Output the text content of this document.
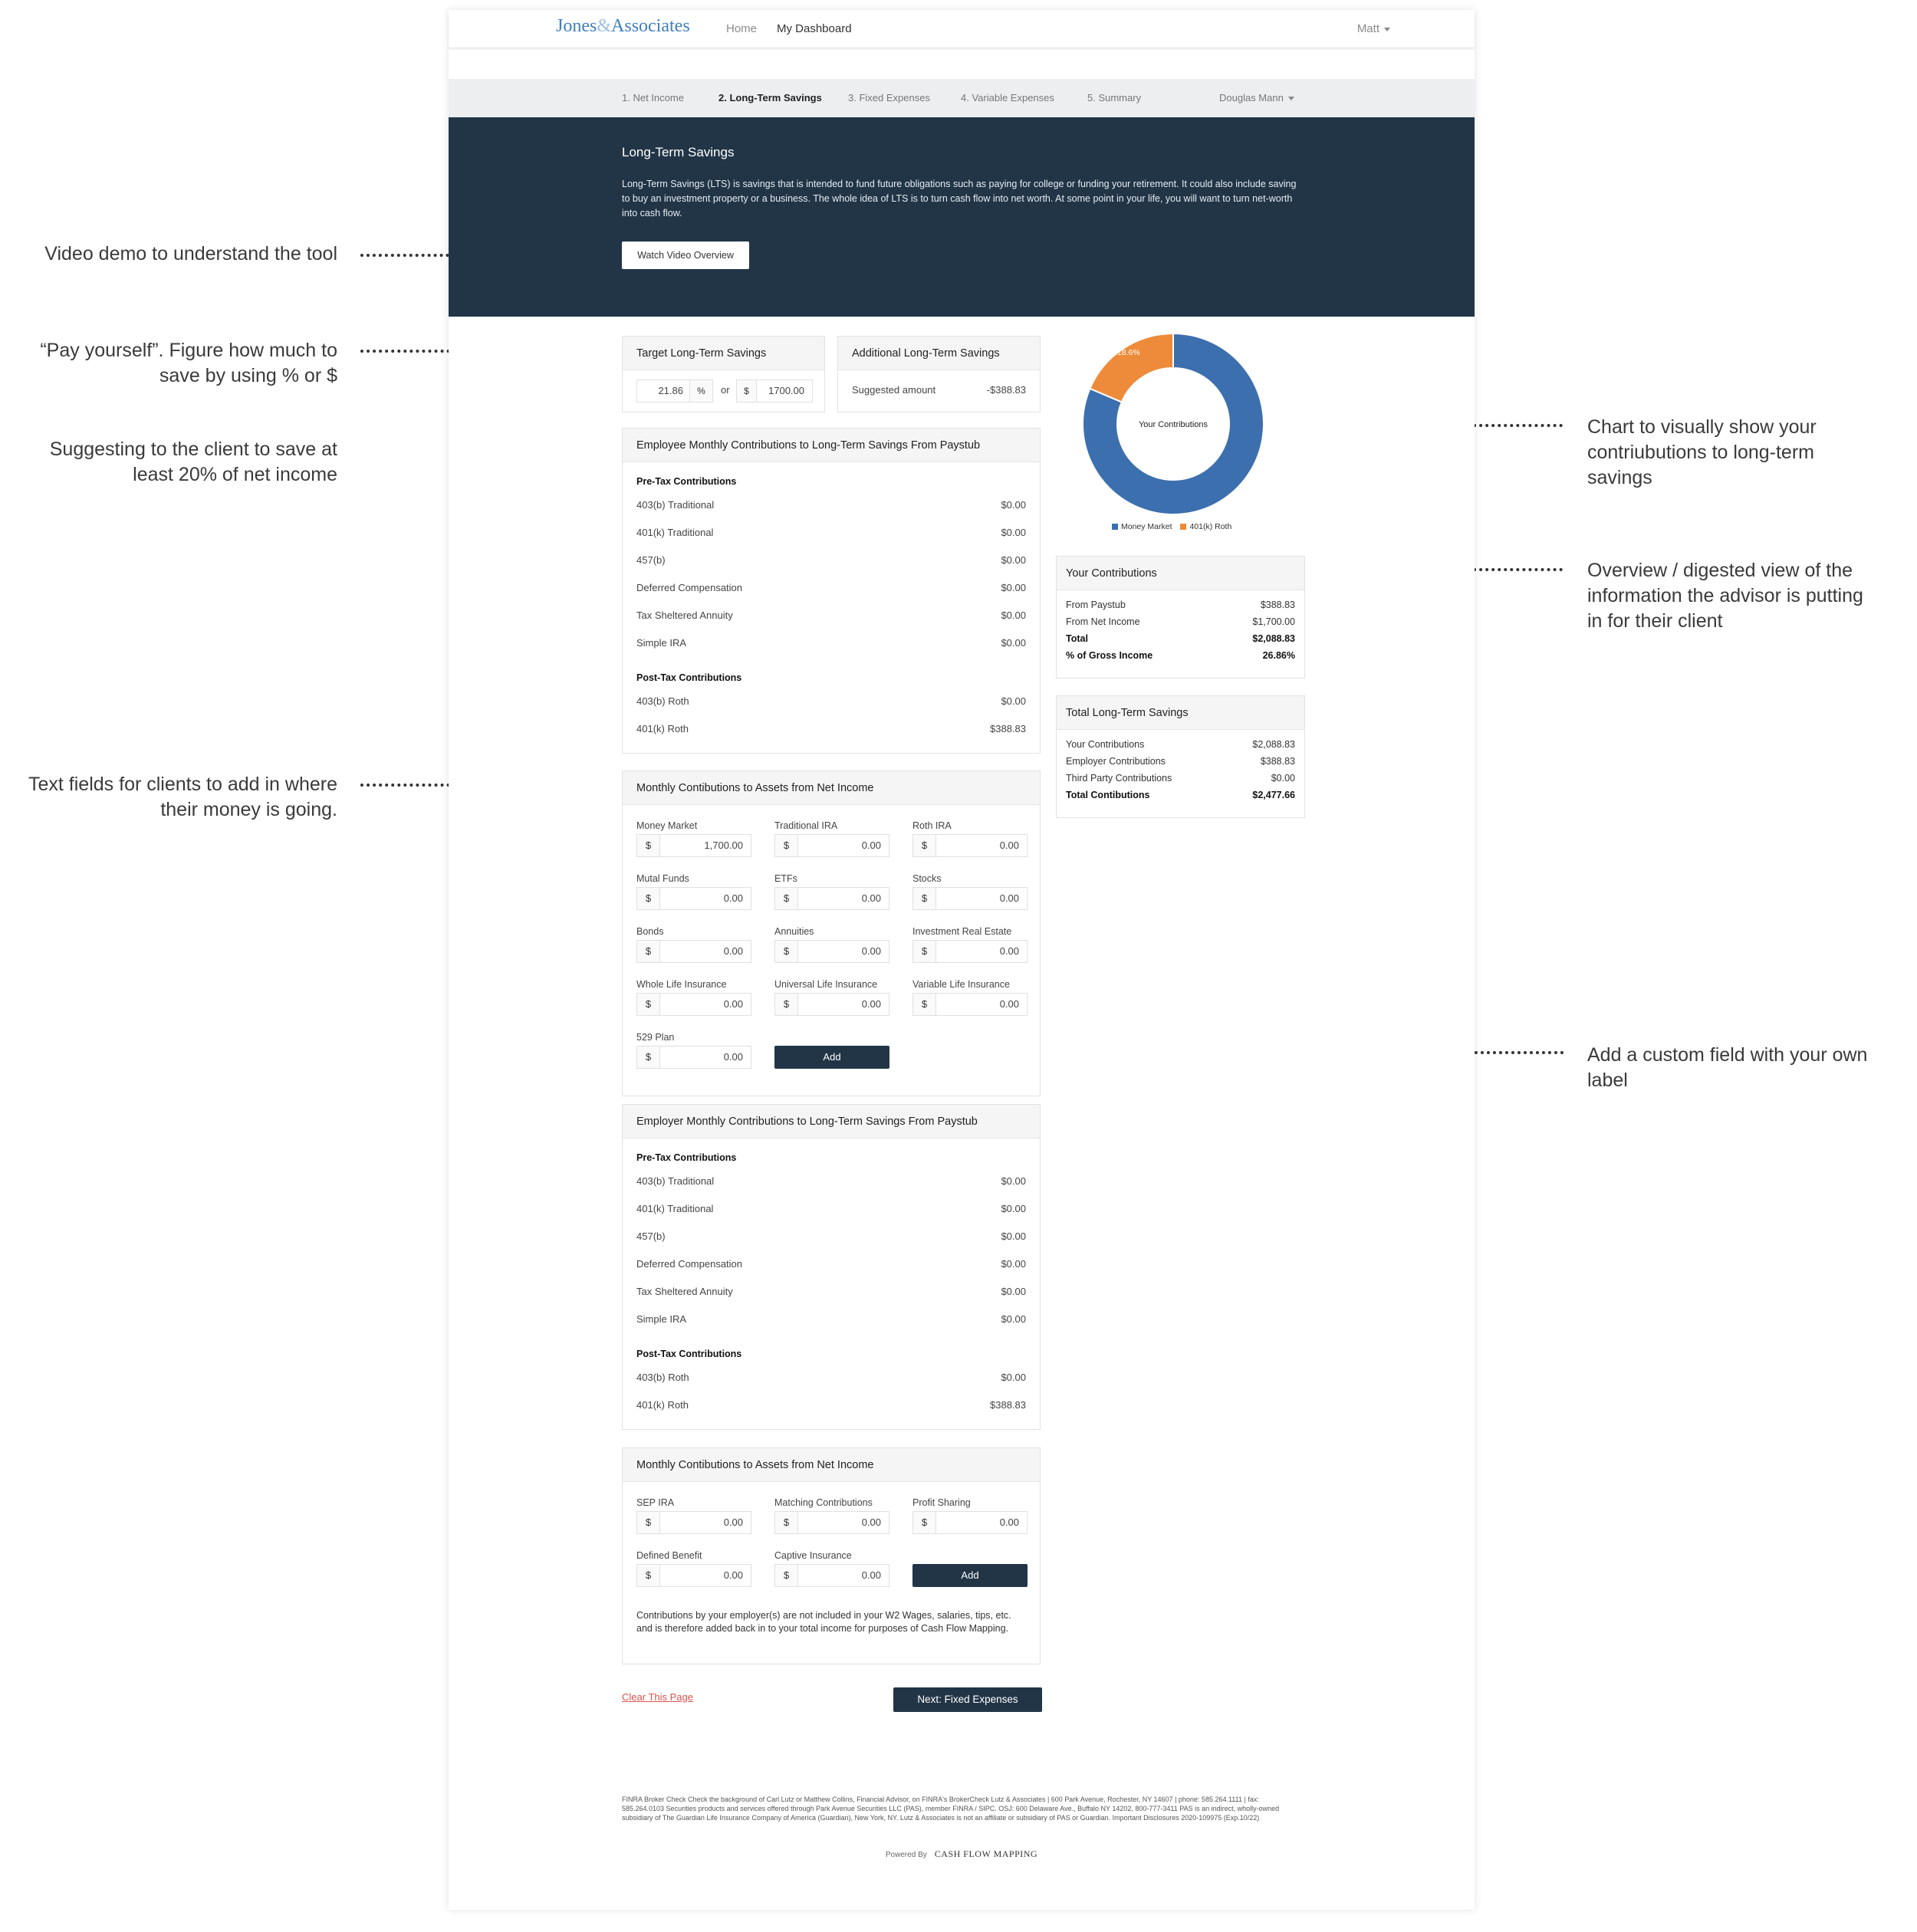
Video demo to understand the tool
“Pay yourself”. Figure how much to save by using % or $
Suggesting to the client to save at least 20% of net income
Text fields for clients to add in where their money is going.
Chart to visually show your contriubutions to long-term savings
Overview / digested view of the information the advisor is putting in for their client
Add a custom field with your own label
Jones&Associates	Home My Dashboard	Matt
1. Net Income	2. Long-Term Savings	3. Fixed Expenses	4. Variable Expenses	5. Summary	Douglas Mann
Long-Term Savings
Long-Term Savings (LTS) is savings that is intended to fund future obligations such as paying for college or funding your retirement. It could also include saving to buy an investment property or a business. The whole idea of LTS is to turn cash flow into net worth. At some point in your life, you will want to turn net-worth into cash flow.
Watch Video Overview
Target Long-Term Savings
21.86	%	or	$	1700.00
Additional Long-Term Savings
Suggested amount	-$388.83
Employee Monthly Contributions to Long-Term Savings From Paystub
Pre-Tax Contributions
403(b) Traditional	$0.00
401(k) Traditional	$0.00
457(b)	$0.00
Deferred Compensation	$0.00
Tax Sheltered Annuity	$0.00
Simple IRA	$0.00
Post-Tax Contributions
403(b) Roth	$0.00
401(k) Roth	$388.83
Monthly Contibutions to Assets from Net Income
Money Market
$	1,700.00
Traditional IRA
$	0.00
Roth IRA
$	0.00
Mutal Funds
$	0.00
ETFs
$	0.00
Stocks
$	0.00
Bonds
$	0.00
Annuities
$	0.00
Investment Real Estate
$	0.00
Whole Life Insurance
$	0.00
Universal Life Insurance
$	0.00
Variable Life Insurance
$	0.00
529 Plan
$	0.00	Add
Employer Monthly Contributions to Long-Term Savings From Paystub
Pre-Tax Contributions
403(b) Traditional	$0.00
401(k) Traditional	$0.00
457(b)	$0.00
Deferred Compensation	$0.00
Tax Sheltered Annuity	$0.00
Simple IRA	$0.00
Post-Tax Contributions
403(b) Roth	$0.00
401(k) Roth	$388.83
Monthly Contibutions to Assets from Net Income
SEP IRA
$	0.00
Matching Contributions
$	0.00
Profit Sharing
$	0.00
Defined Benefit
$	0.00
Captive Insurance
$	0.00	Add
Contributions by your employer(s) are not included in your W2 Wages, salaries, tips, etc. and is therefore added back in to your total income for purposes of Cash Flow Mapping.
81.4%
18.6%
Your Contributions
Money Market 401(k) Roth
Your Contributions
From Paystub	$388.83
From Net Income	$1,700.00
Total	$2,088.83
% of Gross Income	26.86%
Total Long-Term Savings
Your Contributions	$2,088.83
Employer Contributions	$388.83
Third Party Contributions	$0.00
Total Contibutions	$2,477.66
Clear This Page	Next: Fixed Expenses
FINRA Broker Check Check the background of Carl Lutz or Matthew Collins, Financial Advisor, on FINRA's BrokerCheck Lutz & Associates | 600 Park Avenue, Rochester, NY 14607 | phone: 585.264.1111 | fax: 585.264.0103 Securities products and services offered through Park Avenue Securities LLC (PAS), member FINRA / SIPC. OSJ: 600 Delaware Ave., Buffalo NY 14202, 800-777-3411 PAS is an indirect, wholly-owned subsidiary of The Guardian Life Insurance Company of America (Guardian), New York, NY. Lutz & Associates is not an affiliate or subsidiary of PAS or Guardian. Important Disclosures 2020-109975 (Exp.10/22)
Powered By CASH FLOW MAPPING
